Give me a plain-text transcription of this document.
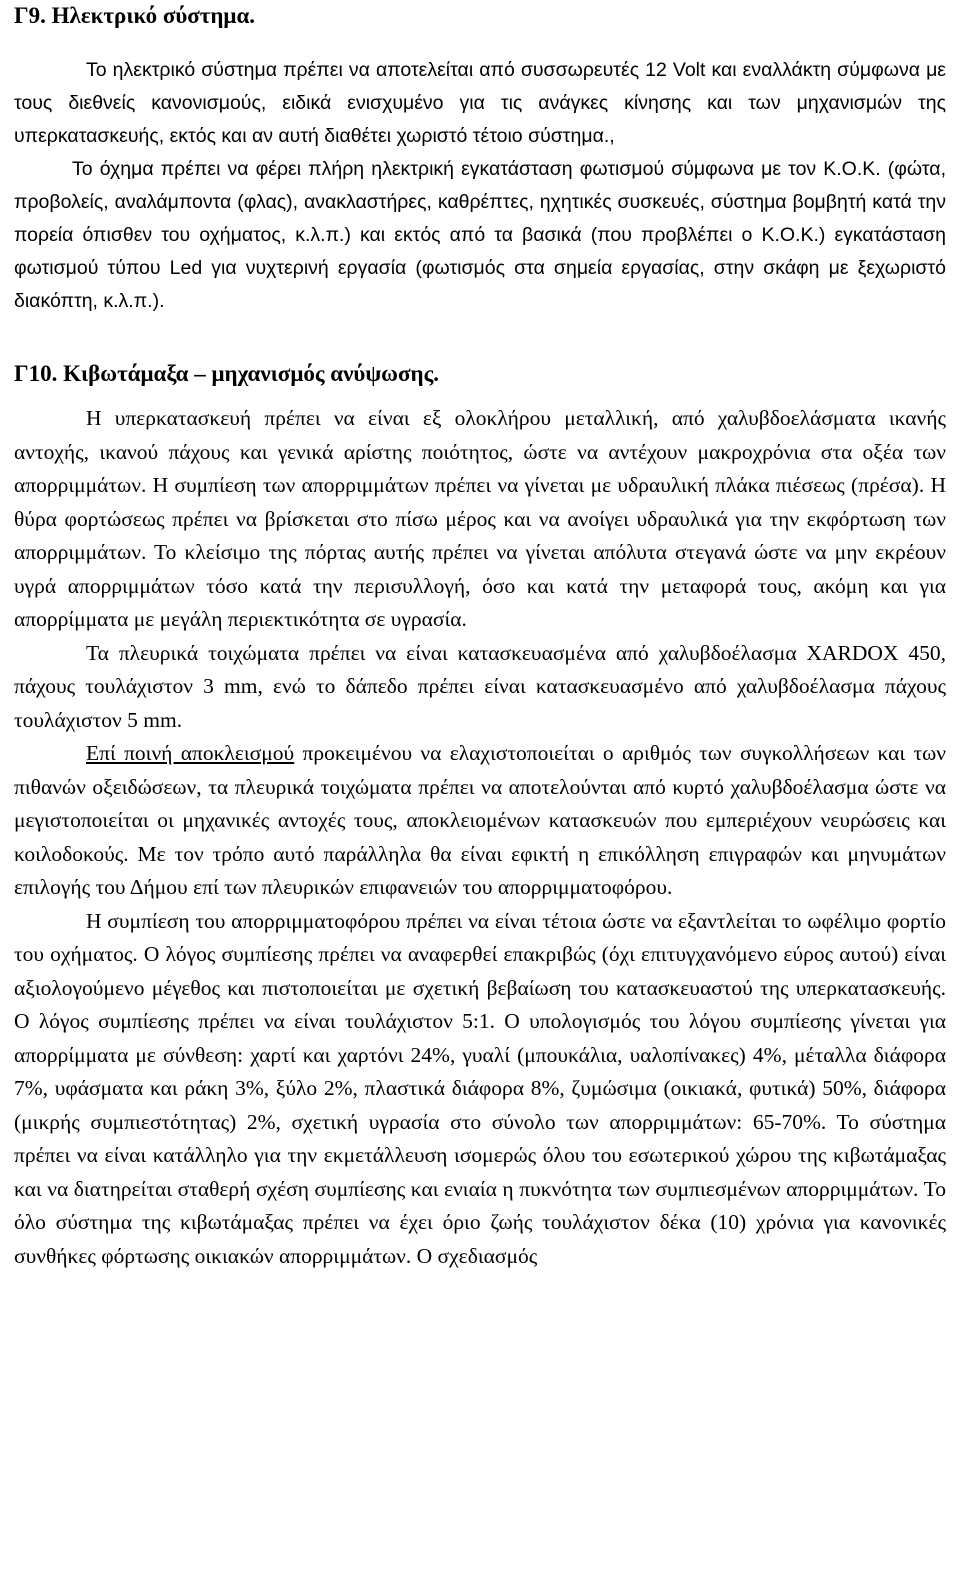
Γ9. Ηλεκτρικό σύστημα.

Το ηλεκτρικό σύστημα πρέπει να αποτελείται από συσσωρευτές 12 Volt και εναλλάκτη σύμφωνα με τους διεθνείς κανονισμούς, ειδικά ενισχυμένο για τις ανάγκες κίνησης και των μηχανισμών της υπερκατασκευής, εκτός και αν αυτή διαθέτει χωριστό τέτοιο σύστημα.,

Το όχημα πρέπει να φέρει πλήρη ηλεκτρική εγκατάσταση φωτισμού σύμφωνα με τον Κ.Ο.Κ. (φώτα, προβολείς, αναλάμποντα (φλας), ανακλαστήρες, καθρέπτες, ηχητικές συσκευές, σύστημα βομβητή κατά την πορεία όπισθεν του οχήματος, κ.λ.π.) και εκτός από τα βασικά (που προβλέπει ο Κ.Ο.Κ.) εγκατάσταση φωτισμού τύπου Led για νυχτερινή εργασία (φωτισμός στα σημεία εργασίας, στην σκάφη με ξεχωριστό διακόπτη, κ.λ.π.).

Γ10. Κιβωτάμαξα – μηχανισμός ανύψωσης.

Η υπερκατασκευή πρέπει να είναι εξ ολοκλήρου μεταλλική, από χαλυβδοελάσματα ικανής αντοχής, ικανού πάχους και γενικά αρίστης ποιότητος, ώστε να αντέχουν μακροχρόνια στα οξέα των απορριμμάτων. Η συμπίεση των απορριμμάτων πρέπει να γίνεται με υδραυλική πλάκα πιέσεως (πρέσα). Η θύρα φορτώσεως πρέπει να βρίσκεται στο πίσω μέρος και να ανοίγει υδραυλικά για την εκφόρτωση των απορριμμάτων. Το κλείσιμο της πόρτας αυτής πρέπει να γίνεται απόλυτα στεγανά ώστε να μην εκρέουν υγρά απορριμμάτων τόσο κατά την περισυλλογή, όσο και κατά την μεταφορά τους, ακόμη και για απορρίμματα με μεγάλη περιεκτικότητα σε υγρασία.

Τα πλευρικά τοιχώματα πρέπει να είναι κατασκευασμένα από χαλυβδοέλασμα XARDOX 450, πάχους τουλάχιστον 3 mm, ενώ το δάπεδο πρέπει είναι κατασκευασμένο από χαλυβδοέλασμα πάχους τουλάχιστον 5 mm.

Επί ποινή αποκλεισμού προκειμένου να ελαχιστοποιείται ο αριθμός των συγκολλήσεων και των πιθανών οξειδώσεων, τα πλευρικά τοιχώματα πρέπει να αποτελούνται από κυρτό χαλυβδοέλασμα ώστε να μεγιστοποιείται οι μηχανικές αντοχές τους, αποκλειομένων κατασκευών που εμπεριέχουν νευρώσεις και κοιλοδοκούς. Με τον τρόπο αυτό παράλληλα θα είναι εφικτή η επικόλληση επιγραφών και μηνυμάτων επιλογής του Δήμου επί των πλευρικών επιφανειών του απορριμματοφόρου.

Η συμπίεση του απορριμματοφόρου πρέπει να είναι τέτοια ώστε να εξαντλείται το ωφέλιμο φορτίο του οχήματος. Ο λόγος συμπίεσης πρέπει να αναφερθεί επακριβώς (όχι επιτυγχανόμενο εύρος αυτού) είναι αξιολογούμενο μέγεθος και πιστοποιείται με σχετική βεβαίωση του κατασκευαστού της υπερκατασκευής. Ο λόγος συμπίεσης πρέπει να είναι τουλάχιστον 5:1. Ο υπολογισμός του λόγου συμπίεσης γίνεται για απορρίμματα με σύνθεση: χαρτί και χαρτόνι 24%, γυαλί (μπουκάλια, υαλοπίνακες) 4%, μέταλλα διάφορα 7%, υφάσματα και ράκη 3%, ξύλο 2%, πλαστικά διάφορα 8%, ζυμώσιμα (οικιακά, φυτικά) 50%, διάφορα (μικρής συμπιεστότητας) 2%, σχετική υγρασία στο σύνολο των απορριμμάτων: 65-70%. Το σύστημα πρέπει να είναι κατάλληλο για την εκμετάλλευση ισομερώς όλου του εσωτερικού χώρου της κιβωτάμαξας και να διατηρείται σταθερή σχέση συμπίεσης και ενιαία η πυκνότητα των συμπιεσμένων απορριμμάτων. Το όλο σύστημα της κιβωτάμαξας πρέπει να έχει όριο ζωής τουλάχιστον δέκα (10) χρόνια για κανονικές συνθήκες φόρτωσης οικιακών απορριμμάτων. Ο σχεδιασμός
